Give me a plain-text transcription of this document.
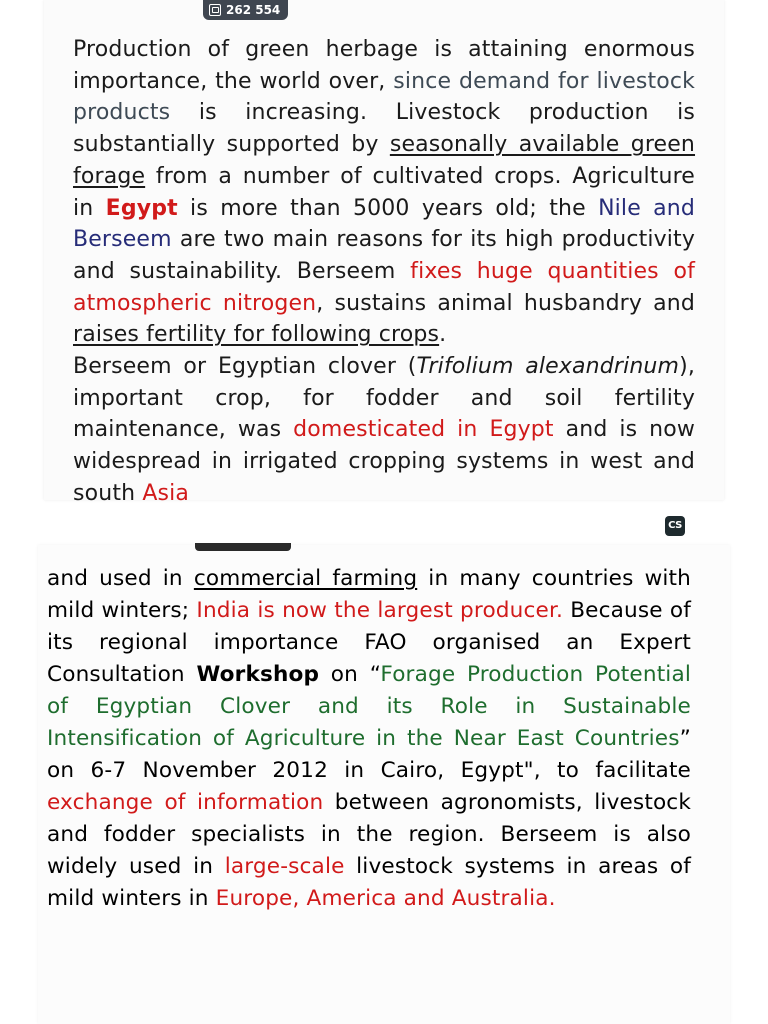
262 554

Production of green herbage is attaining enormous importance, the world over, since demand for livestock products is increasing. Livestock production is substantially supported by seasonally available green forage from a number of cultivated crops. Agriculture in Egypt is more than 5000 years old; the Nile and Berseem are two main reasons for its high productivity and sustainability. Berseem fixes huge quantities of atmospheric nitrogen, sustains animal husbandry and raises fertility for following crops.
Berseem or Egyptian clover (Trifolium alexandrinum), important crop, for fodder and soil fertility maintenance, was domesticated in Egypt and is now widespread in irrigated cropping systems in west and south Asia

CS

and used in commercial farming in many countries with mild winters; India is now the largest producer. Because of its regional importance FAO organised an Expert Consultation Workshop on “Forage Production Potential of Egyptian Clover and its Role in Sustainable Intensification of Agriculture in the Near East Countries” on 6-7 November 2012 in Cairo, Egypt", to facilitate exchange of information between agronomists, livestock and fodder specialists in the region. Berseem is also widely used in large-scale livestock systems in areas of mild winters in Europe, America and Australia.
